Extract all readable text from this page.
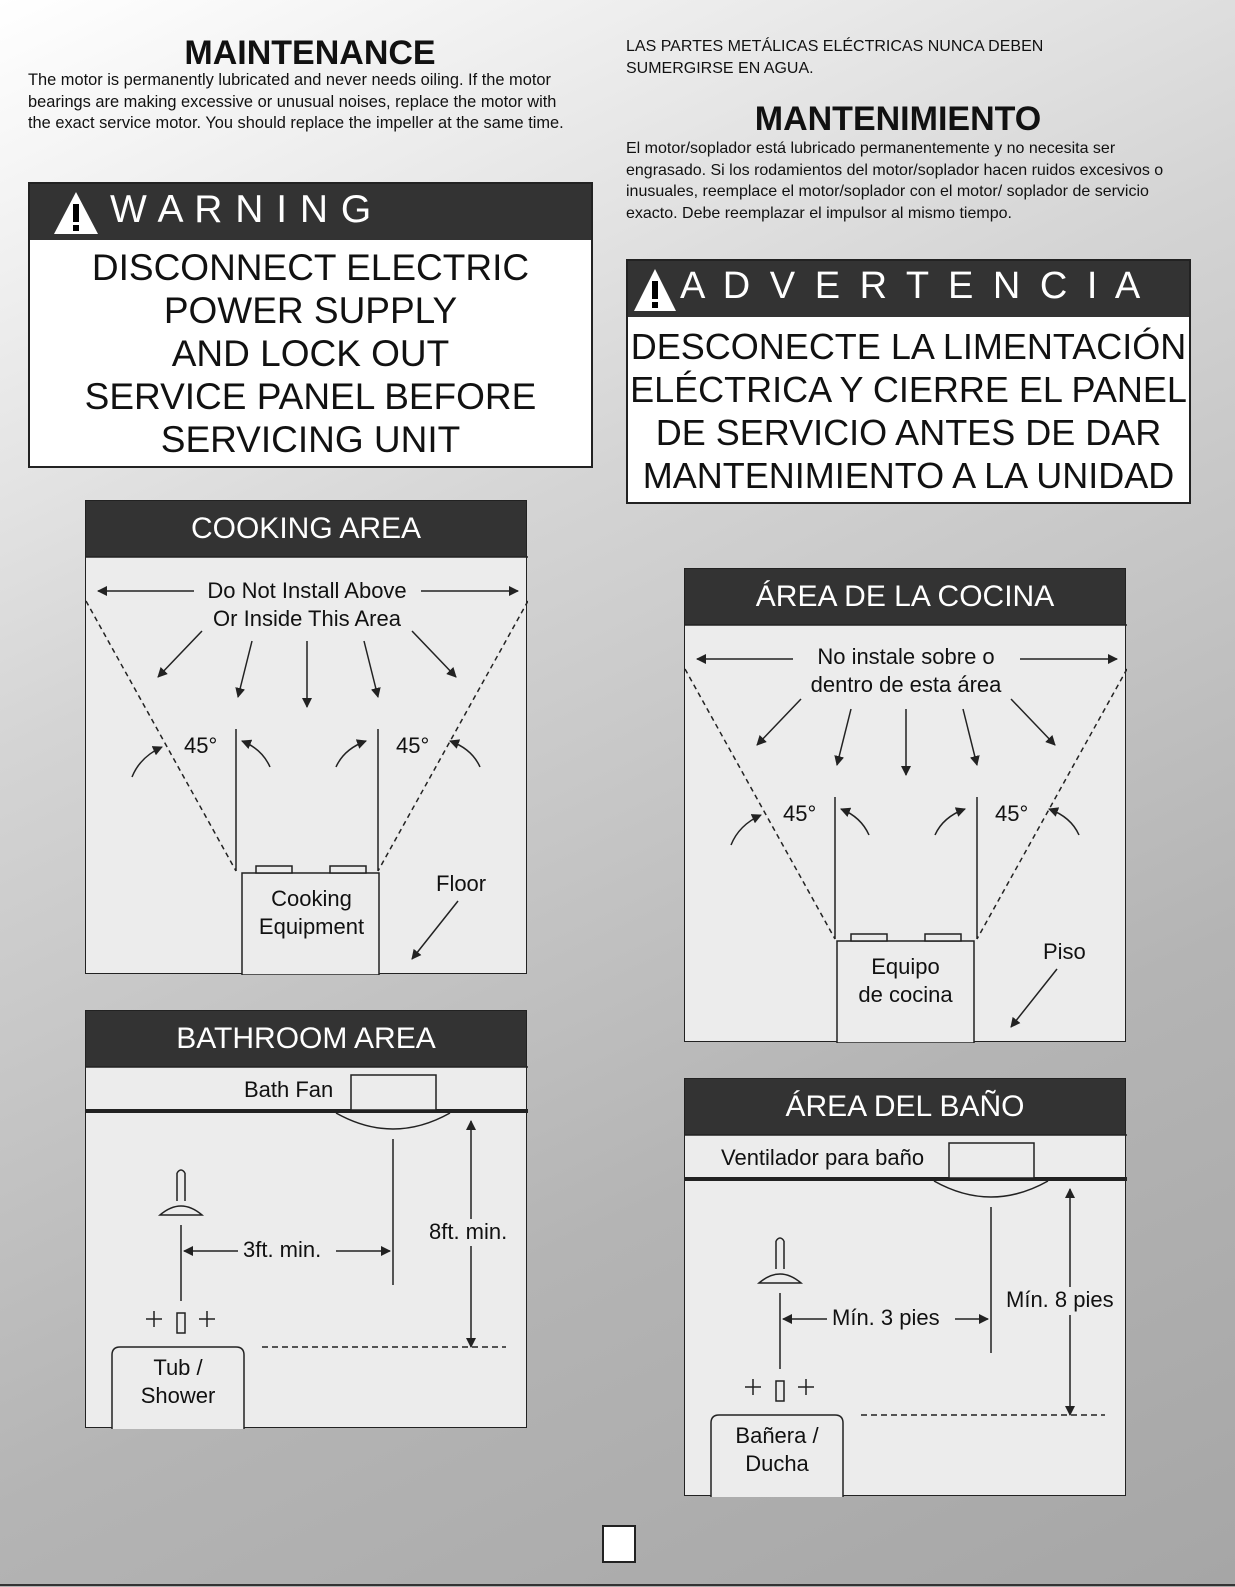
MAINTENANCE

The motor is permanently lubricated and never needs oiling. If the motor bearings are making excessive or unusual noises, replace the motor with the exact service motor. You should replace the impeller at the same time.

W A R N I N G
DISCONNECT ELECTRIC
POWER SUPPLY
AND LOCK OUT
SERVICE PANEL BEFORE
SERVICING UNIT
COOKING AREA
Do Not Install Above
Or Inside This Area
45°	45°
Cooking
Equipment
Floor
BATHROOM AREA
Bath Fan
3ft. min.
8ft. min.
Tub /
Shower

LAS PARTES METÁLICAS ELÉCTRICAS NUNCA DEBEN SUMERGIRSE EN AGUA.

MANTENIMIENTO

El motor/soplador está lubricado permanentemente y no necesita ser engrasado. Si los rodamientos del motor/soplador hacen ruidos excesivos o inusuales, reemplace el motor/soplador con el motor/ soplador de servicio exacto. Debe reemplazar el impulsor al mismo tiempo.

A D V E R T E N C I A
DESCONECTE LA LIMENTACIÓN
ELÉCTRICA Y CIERRE EL PANEL
DE SERVICIO ANTES DE DAR
MANTENIMIENTO A LA UNIDAD
ÁREA DE LA COCINA
No instale sobre o
dentro de esta área
45°	45°
Equipo
de cocina
Piso
ÁREA DEL BAÑO
Ventilador para baño
Mín. 3 pies
Mín. 8 pies
Bañera /
Ducha
